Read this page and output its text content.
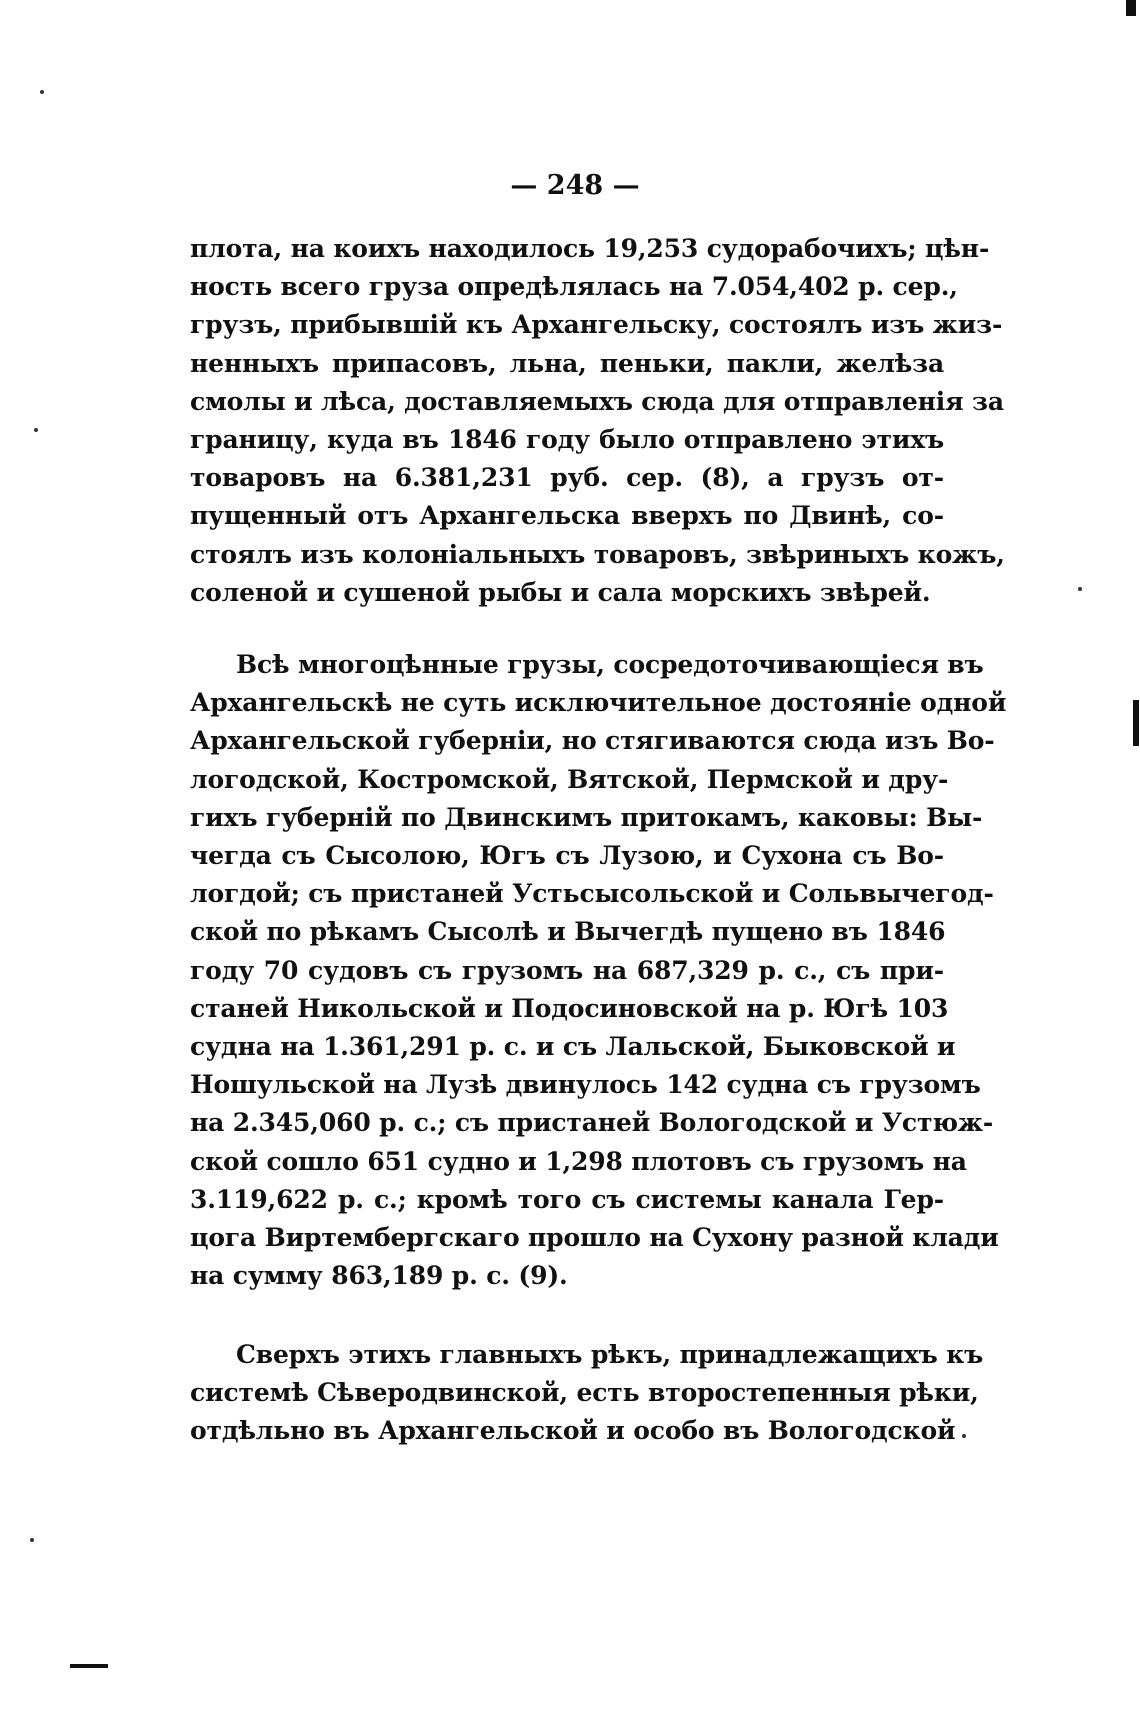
— 248 —
плота, на коихъ находилось 19,253 судорабочихъ; цѣн-
ность всего груза опредѣлялась на 7.054,402 р. сер.,
грузъ, прибывшій къ Архангельску, состоялъ изъ жиз-
ненныхъ припасовъ, льна, пеньки, пакли, желѣза
смолы и лѣса, доставляемыхъ сюда для отправленія за
границу, куда въ 1846 году было отправлено этихъ
товаровъ на 6.381,231 руб. сер. (8), а грузъ от-
пущенный отъ Архангельска вверхъ по Двинѣ, со-
стоялъ изъ колоніальныхъ товаровъ, звѣриныхъ кожъ,
соленой и сушеной рыбы и сала морскихъ звѣрей.
Всѣ многоцѣнные грузы, сосредоточивающіеся въ
Архангельскѣ не суть исключительное достояніе одной
Архангельской губерніи, но стягиваются сюда изъ Во-
логодской, Костромской, Вятской, Пермской и дру-
гихъ губерній по Двинскимъ притокамъ, каковы: Вы-
чегда съ Сысолою, Югъ съ Лузою, и Сухона съ Во-
логдой; съ пристаней Устьсысольской и Сольвычегод-
ской по рѣкамъ Сысолѣ и Вычегдѣ пущено въ 1846
году 70 судовъ съ грузомъ на 687,329 р. с., съ при-
станей Никольской и Подосиновской на р. Югѣ 103
судна на 1.361,291 р. с. и съ Лальской, Быковской и
Ношульской на Лузѣ двинулось 142 судна съ грузомъ
на 2.345,060 р. с.; съ пристаней Вологодской и Устюж-
ской сошло 651 судно и 1,298 плотовъ съ грузомъ на
3.119,622 р. с.; кромѣ того съ системы канала Гер-
цога Виртембергскаго прошло на Сухону разной клади
на сумму 863,189 р. с. (9).
Сверхъ этихъ главныхъ рѣкъ, принадлежащихъ къ
системѣ Сѣверодвинской, есть второстепенныя рѣки,
отдѣльно въ Архангельской и особо въ Вологодской
